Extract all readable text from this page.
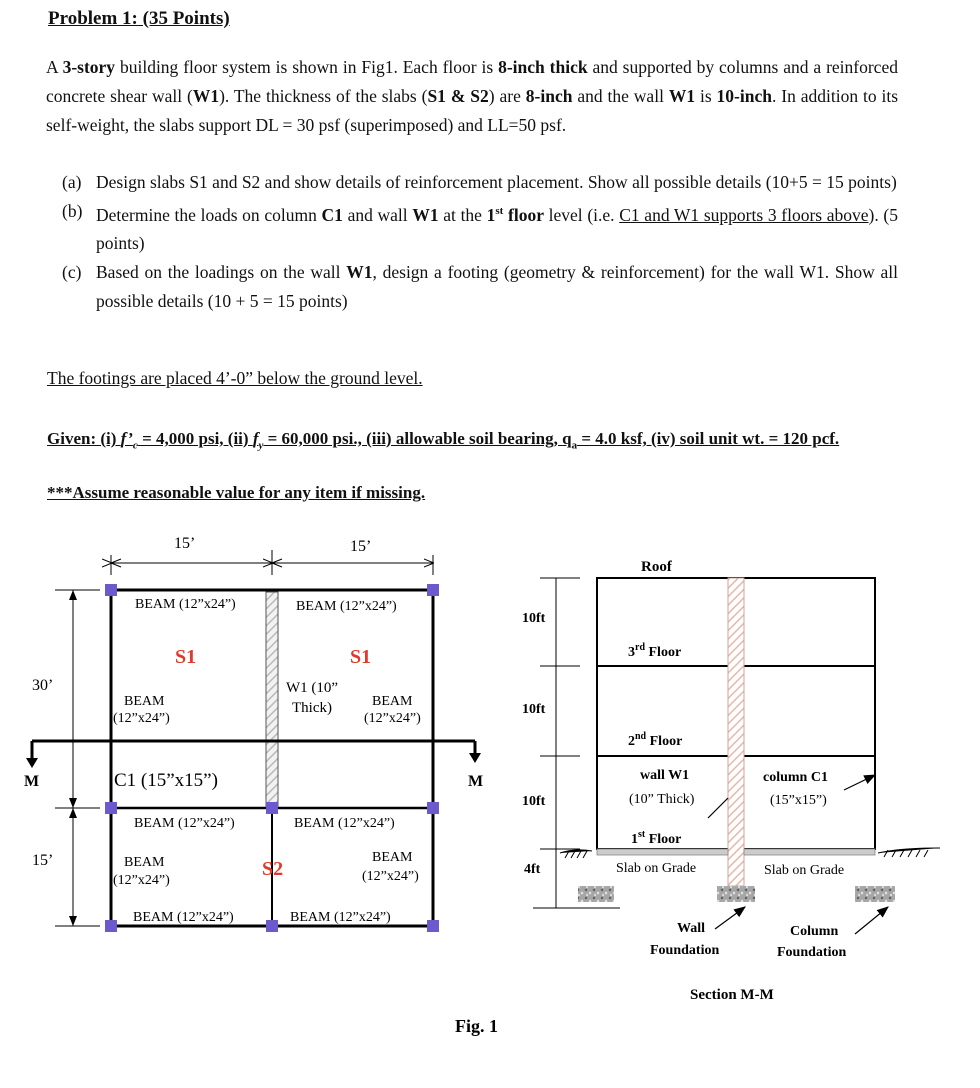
Problem 1: (35 Points)
A 3-story building floor system is shown in Fig1. Each floor is 8-inch thick and supported by columns and a reinforced concrete shear wall (W1). The thickness of the slabs (S1 & S2) are 8-inch and the wall W1 is 10-inch. In addition to its self-weight, the slabs support DL = 30 psf (superimposed) and LL=50 psf.
(a) Design slabs S1 and S2 and show details of reinforcement placement. Show all possible details (10+5 = 15 points)
(b) Determine the loads on column C1 and wall W1 at the 1st floor level (i.e. C1 and W1 supports 3 floors above). (5 points)
(c) Based on the loadings on the wall W1, design a footing (geometry & reinforcement) for the wall W1. Show all possible details (10 + 5 = 15 points)
The footings are placed 4’-0” below the ground level.
Given: (i) $f’_c = 4,000$ psi, (ii) $f_y = 60,000$ psi., (iii) allowable soil bearing, $q_a = 4.0$ ksf, (iv) soil unit wt. = 120 pcf.
***Assume reasonable value for any item if missing.
15’	15’
30’
15’
M	M
BEAM (12”x24”)	BEAM (12”x24”)
S1	S1
BEAM
(12”x24”)
W1 (10”
Thick)	BEAM
(12”x24”)
C1 (15”x15”)
BEAM (12”x24”)	BEAM (12”x24”)
BEAM
(12”x24”)
S2
BEAM
(12”x24”)
BEAM (12”x24”)	BEAM (12”x24”)
Fig. 1
10ft
10ft
10ft
4ft
Roof
3rd Floor
2nd Floor
1st Floor
wall W1
(10” Thick)
column C1
(15”x15”)
Slab on Grade	Slab on Grade
Wall
Foundation
Column
Foundation
Section M-M
